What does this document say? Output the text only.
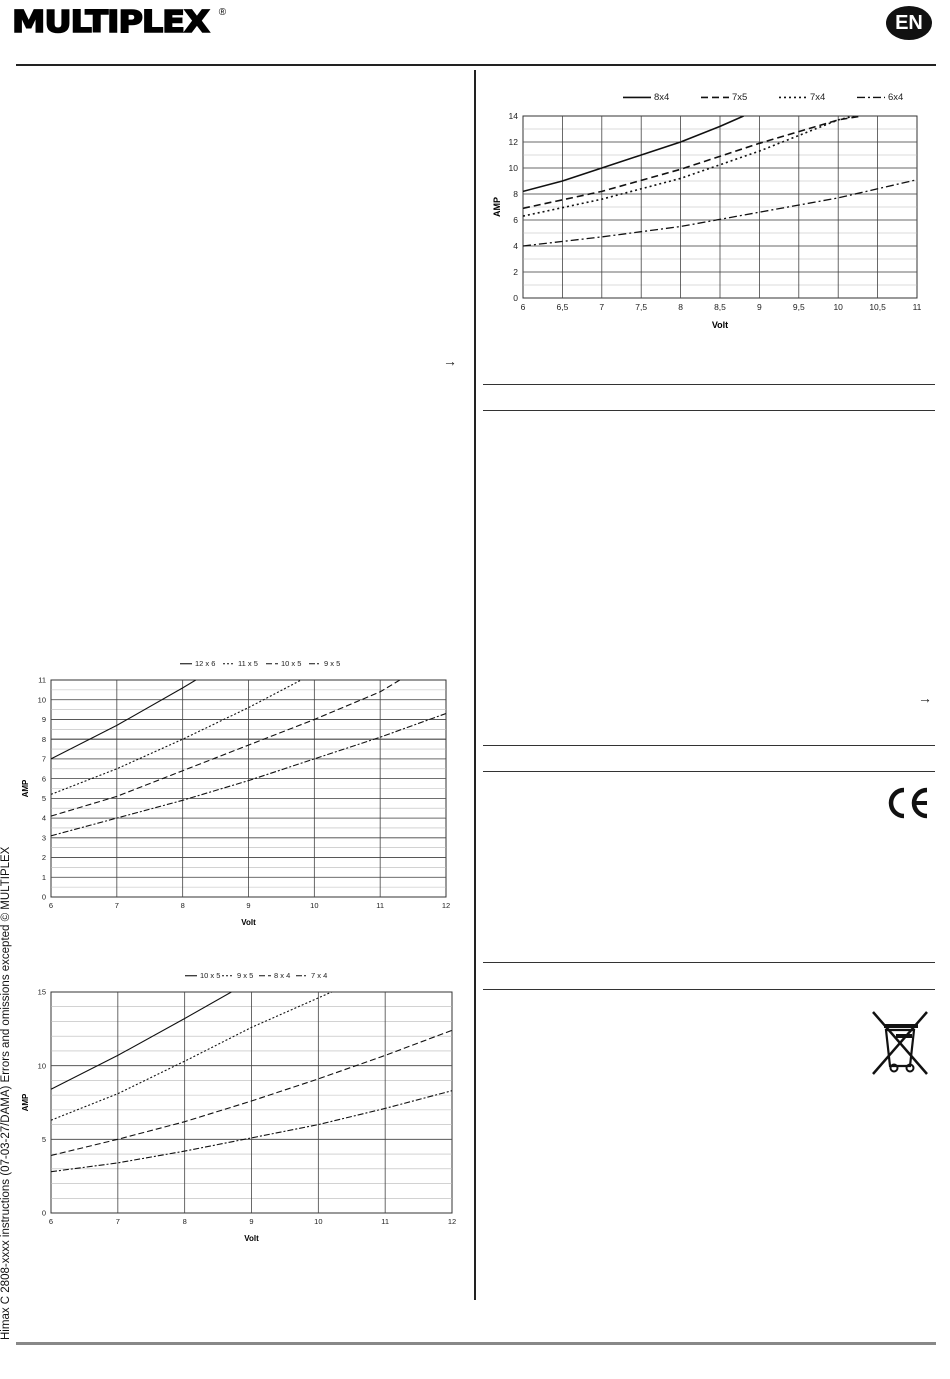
MULTIPLEX ®	EN
→
12 x 6	11 x 5	10 x 5	9 x 5
6	7	8	9	10	11	12
0
1
2
3
4
5
6
7
8
9
10
11
Volt
AMP
10 x 5 9 x 5	8 x 4	7 x 4
6	7	8	9	10	11	12
0
5
10
15
Volt
AMP
8x4	7x5	7x4	6x4
6	6,5	7	7,5	8	8,5	9	9,5	10	10,5	11
0
2
4
6
8
10
12
14
Volt
AMP
→
Himax C 2808-xxxx instructions (07-03-27/DAMA) Errors and omissions excepted © MULTIPLEX
